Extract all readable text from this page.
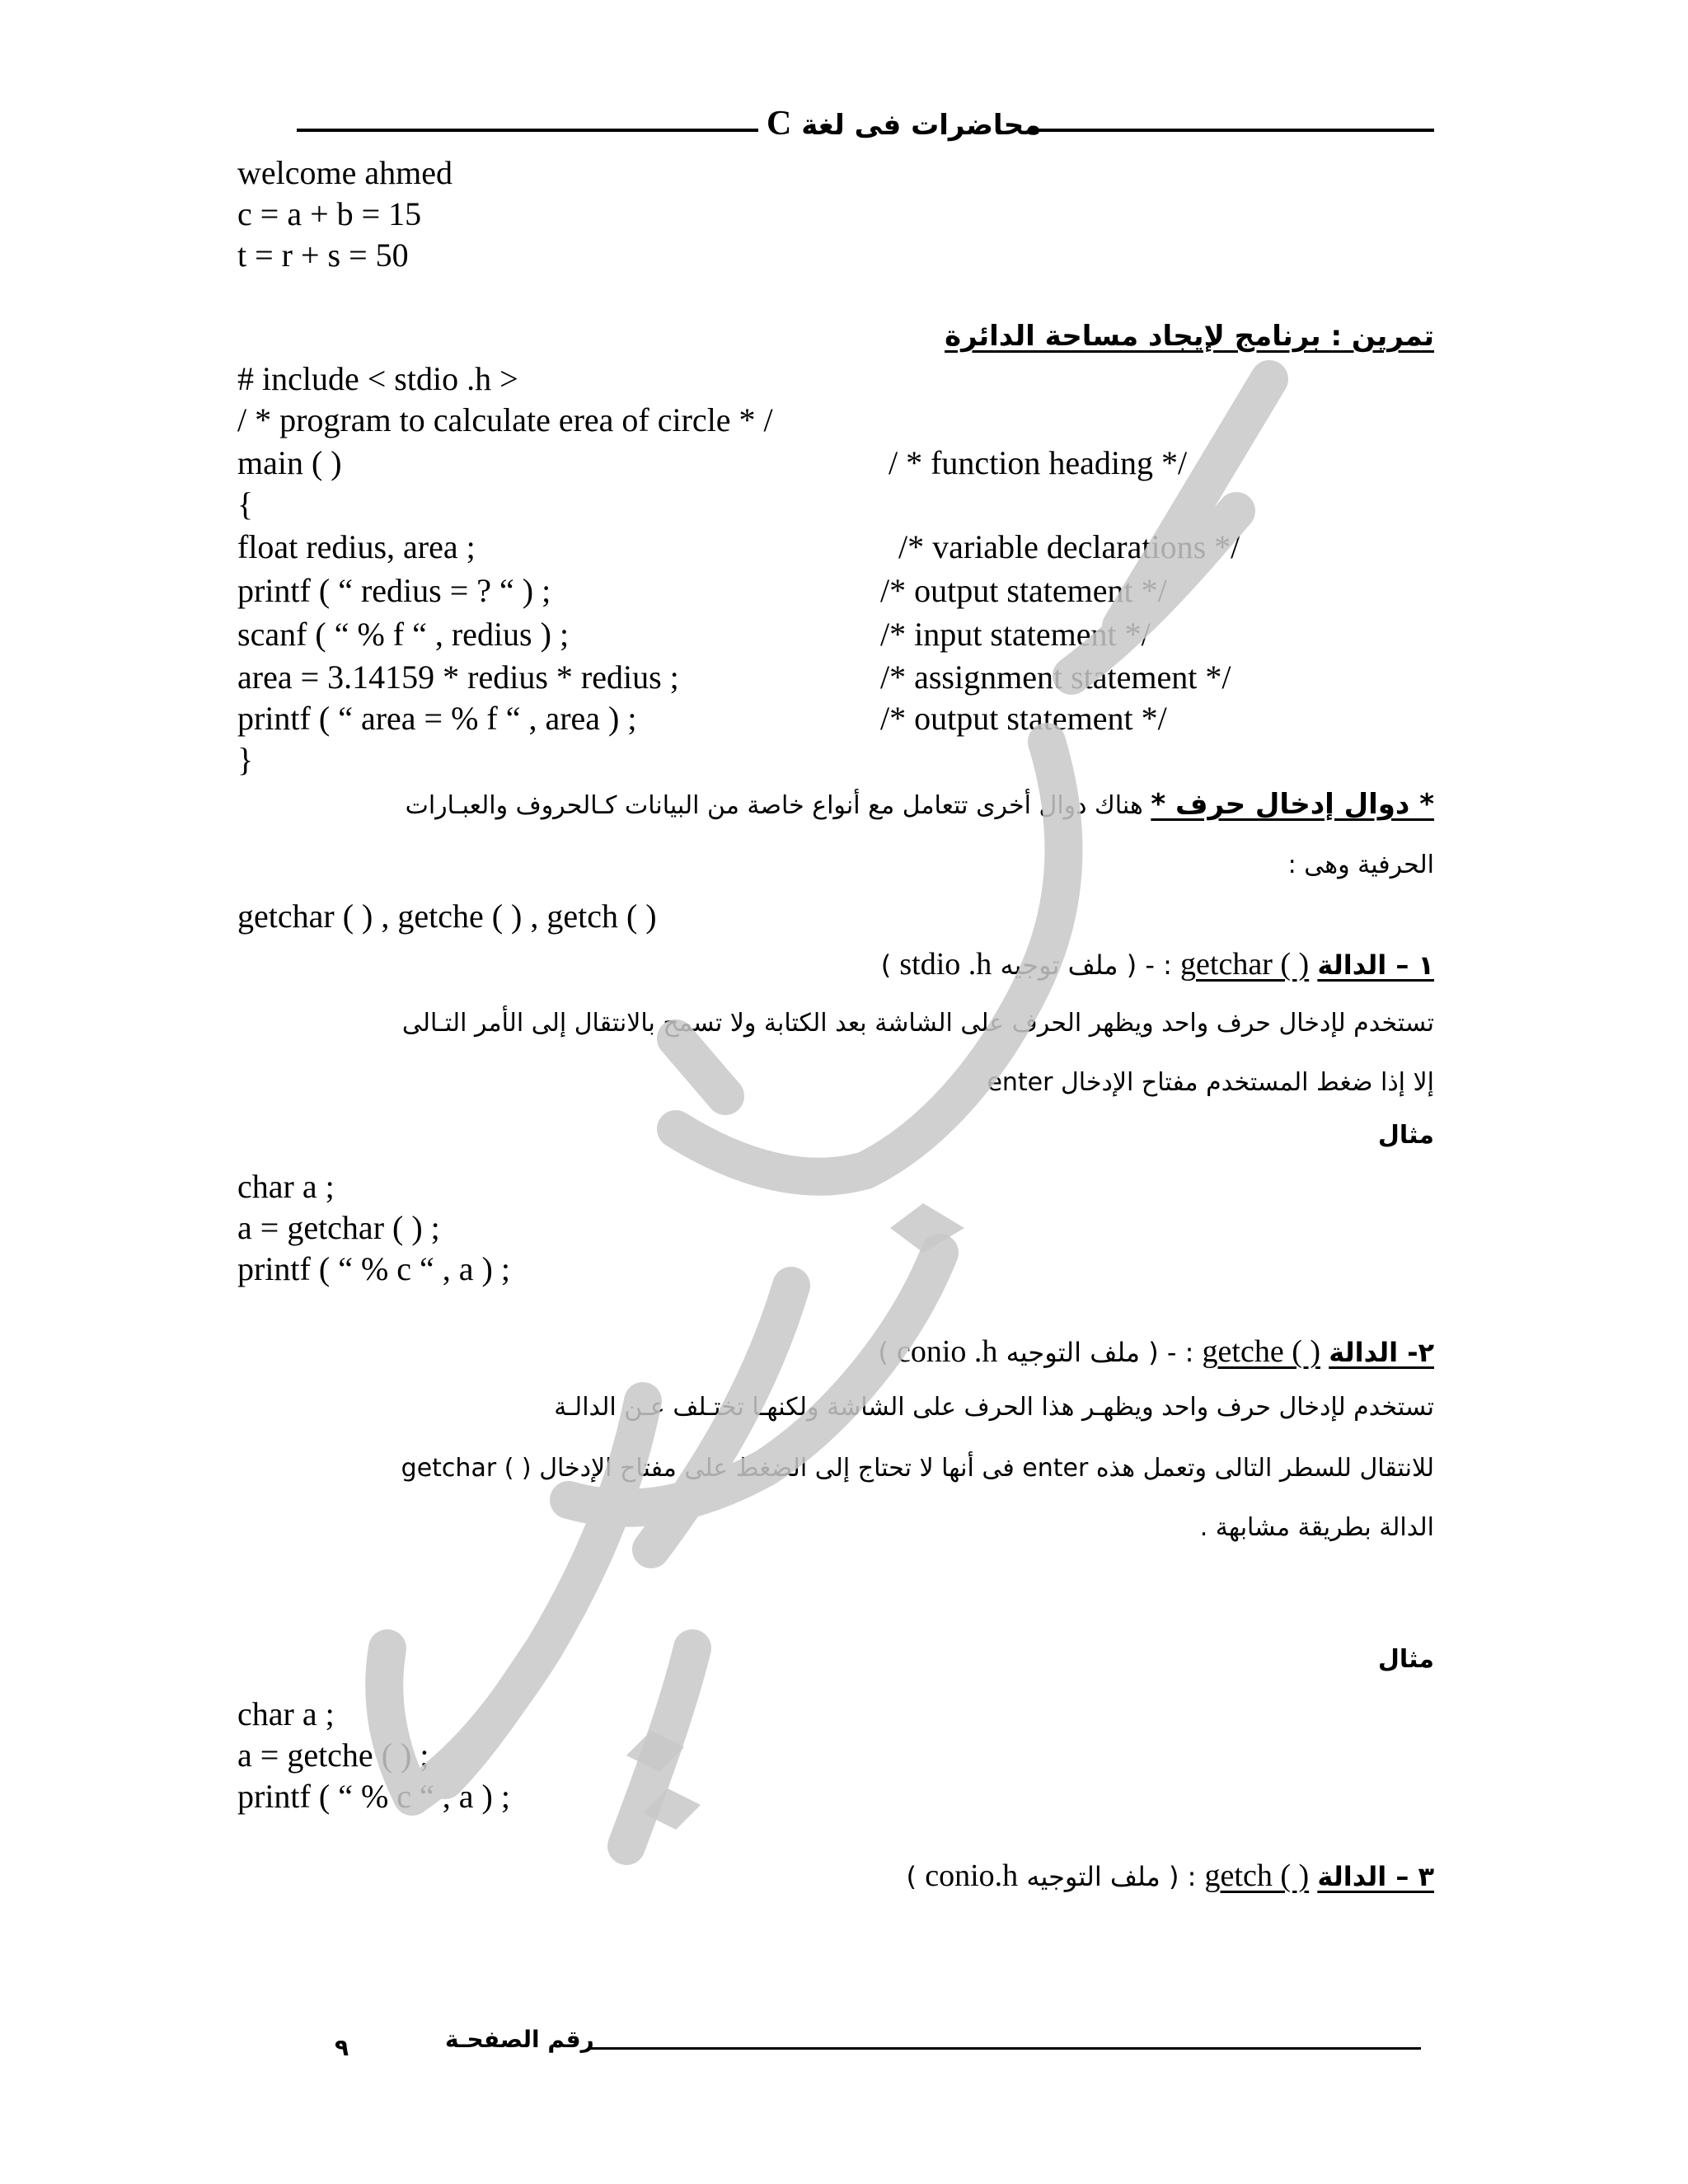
C محاضرات فى لغة
welcome ahmed
c = a + b = 15
t = r + s = 50
تمرين : برنامج لإيجاد مساحة الدائرة
# include < stdio .h >
/ * program to calculate erea of circle * /
main ( )	/ * function heading */
{
float redius, area ;	/* variable declarations */
printf ( “ redius = ? “ ) ;	/* output statement */
scanf ( “ % f “ , redius ) ;	/* input statement */
area = 3.14159 * redius * redius ;	/* assignment statement */
printf ( “ area = % f “ , area ) ;	/* output statement */
}
* دوال إدخال حرف * هناك دوال أخرى تتعامل مع أنواع خاصة من البيانات كـالحروف والعبـارات
الحرفية وهى :
getchar ( ) , getche ( ) , getch ( )
١ – الدالة getchar ( ) : - ( ملف توجيه stdio .h )
تستخدم لإدخال حرف واحد ويظهر الحرف على الشاشة بعد الكتابة ولا تسمح بالانتقال إلى الأمر التـالى
إلا إذا ضغط المستخدم مفتاح الإدخال enter
مثال
char a ;
a = getchar ( ) ;
printf ( “ % c “ , a ) ;
٢- الدالة getche ( ) : - ( ملف التوجيه conio .h )
تستخدم لإدخال حرف واحد ويظهـر هذا الحرف على الشاشة ولكنهـا تختـلف عـن الدالـة
getchar ( ) فى أنها لا تحتاج إلى الضغط على مفتاح الإدخال enter للانتقال للسطر التالى وتعمل هذه
الدالة بطريقة مشابهة .
مثال
char a ;
a = getche ( ) ;
printf ( “ % c “ , a ) ;
٣ – الدالة getch ( ) : ( ملف التوجيه conio.h )
٩	رقم الصفحـة
